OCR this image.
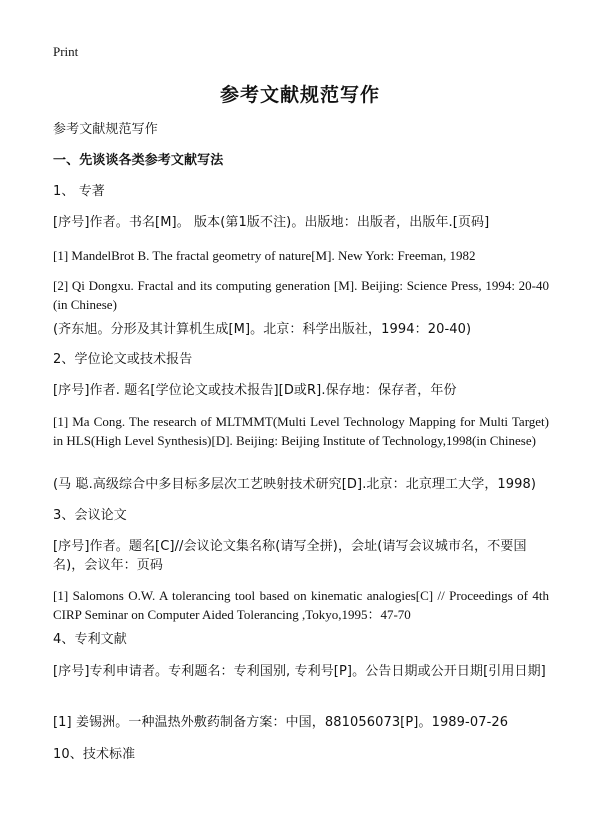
Print
参考文献规范写作
参考文献规范写作
一、先谈谈各类参考文献写法
1、 专著
[序号]作者。书名[M]。 版本(第1版不注)。出版地：出版者，出版年.[页码]
[1] MandelBrot B. The fractal geometry of nature[M]. New York: Freeman, 1982
[2] Qi Dongxu. Fractal and its computing generation [M]. Beijing: Science Press, 1994: 20-40 (in Chinese)
(齐东旭。分形及其计算机生成[M]。北京：科学出版社，1994：20-40)
2、学位论文或技术报告
[序号]作者. 题名[学位论文或技术报告][D或R].保存地：保存者，年份
[1] Ma Cong. The research of MLTMMT(Multi Level Technology Mapping for Multi Target) in HLS(High Level Synthesis)[D]. Beijing: Beijing Institute of Technology,1998(in Chinese)
(马 聪.高级综合中多目标多层次工艺映射技术研究[D].北京：北京理工大学，1998)
3、会议论文
[序号]作者。题名[C]//会议论文集名称(请写全拼)，会址(请写会议城市名，不要国名)，会议年：页码
[1] Salomons O.W. A tolerancing tool based on kinematic analogies[C] // Proceedings of 4th CIRP Seminar on Computer Aided Tolerancing ,Tokyo,1995：47-70
4、专利文献
[序号]专利申请者。专利题名：专利国别, 专利号[P]。公告日期或公开日期[引用日期]
[1] 姜锡洲。一种温热外敷药制备方案：中国，881056073[P]。1989-07-26
10、技术标准
